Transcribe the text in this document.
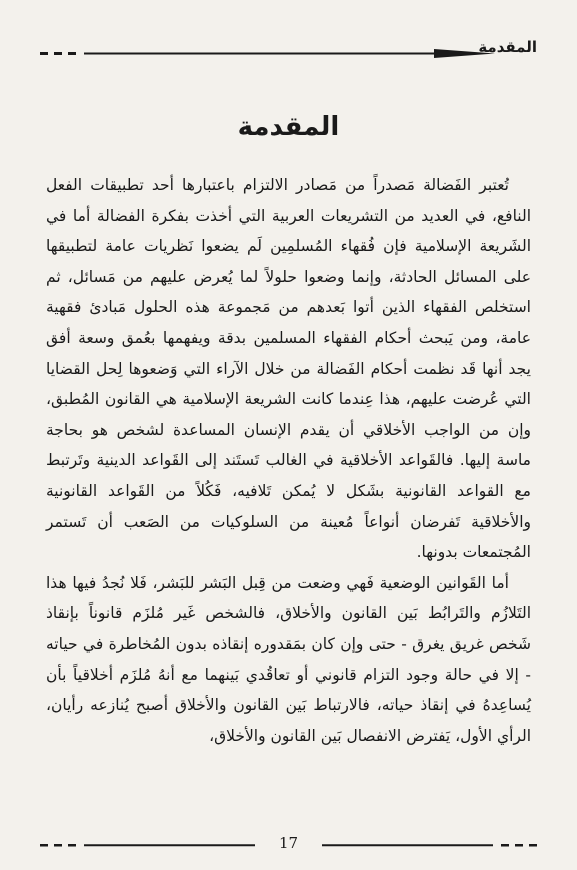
المقدمة
المقدمة

تُعتبر الفَضالة مَصدراً من مَصادر الالتزام باعتبارها أحد تطبيقات الفعل النافع، في العديد من التشريعات العربية التي أخذت بفكرة الفضالة أما في الشَريعة الإسلامية فإن فُقهاء المُسلمِين لَم يضعوا نَظريات عامة لتطبيقها على المسائل الحادثة، وإنما وضعوا حلولاً لما يُعرض عليهم من مَسائل، ثم استخلص الفقهاء الذين أتوا بَعدهم من مَجموعة هذه الحلول مَبادئ فقهية عامة، ومن يَبحث أحكام الفقهاء المسلمين بدقة ويفهمها بعُمق وسعة أفق يجد أنها قَد نظمت أحكام الفَضالة من خلال الآراء التي وَضعوها لِحل القضايا التي عُرضت عليهم، هذا عِندما كانت الشريعة الإسلامية هي القانون المُطبق، وإن من الواجب الأخلاقي أن يقدم الإنسان المساعدة لشخص هو بحاجة ماسة إليها. فالقَواعد الأخلاقية في الغالب تَستَند إلى القَواعد الدينية وتَرتبط مع القواعد القانونية بشَكل لا يُمكن تَلافيه، فَكُلاً من القَواعد القانونية والأخلاقية تَفرضان أنواعاً مُعينة من السلوكيات من الصَعب أن تَستمر المُجتمعات بدونها.

أما القَوانين الوضعية فَهي وضعت من قِبل البَشر للبَشر، فَلا نُجدُ فيها هذا التَلازُم والتَرابُط بَين القانون والأخلاق، فالشخص غَير مُلزَم قانوناً بإنقاذ شَخص غريق يغرق - حتى وإن كان بمَقدوره إنقاذه بدون المُخاطرة في حياته - إلا في حالة وجود التزام قانوني أو تعاقُدي بَينهما مع أنهُ مُلزَم أخلاقياً بأن يُساعِدهُ في إنقاذ حياته، فالارتباط بَين القانون والأخلاق أصبح يُنازعه رأيان، الرأي الأول، يَفترض الانفصال بَين القانون والأخلاق،

17
